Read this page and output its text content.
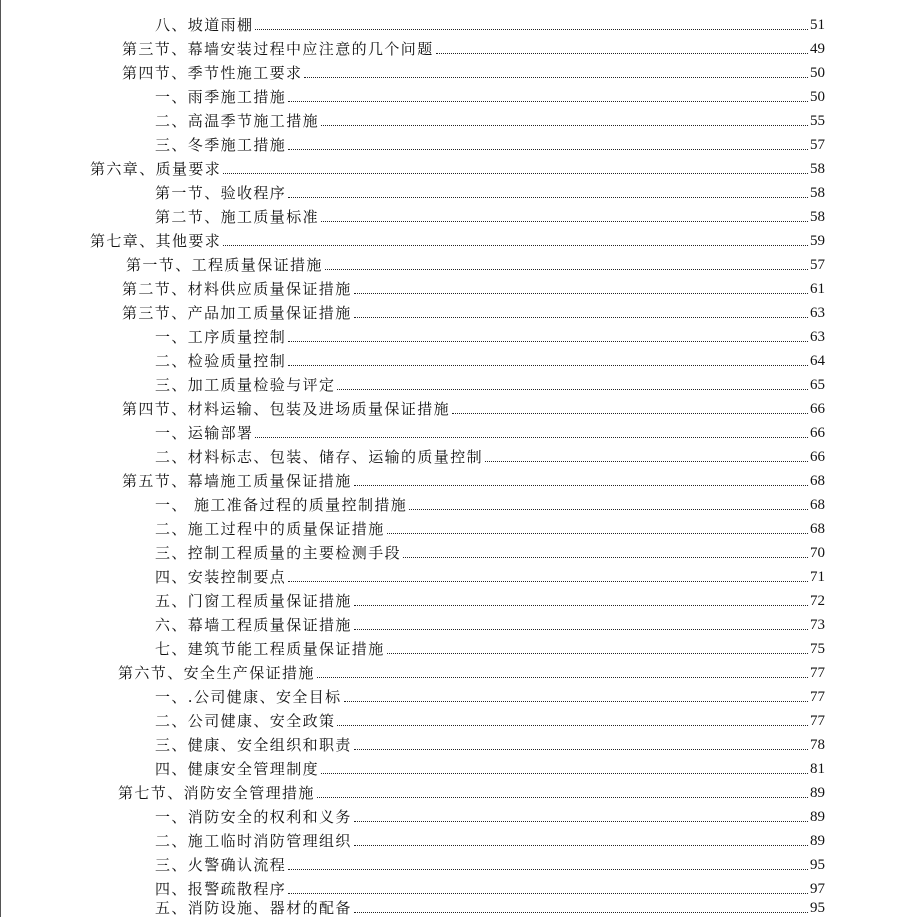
八、坡道雨棚	51
第三节、幕墙安装过程中应注意的几个问题	49
第四节、季节性施工要求	50
一、雨季施工措施	50
二、高温季节施工措施	55
三、冬季施工措施	57
第六章、质量要求	58
第一节、验收程序	58
第二节、施工质量标准	58
第七章、其他要求	59
第一节、工程质量保证措施	57
第二节、材料供应质量保证措施	61
第三节、产品加工质量保证措施	63
一、工序质量控制	63
二、检验质量控制	64
三、加工质量检验与评定	65
第四节、材料运输、包装及进场质量保证措施	66
一、运输部署	66
二、材料标志、包装、储存、运输的质量控制	66
第五节、幕墙施工质量保证措施	68
一、 施工准备过程的质量控制措施	68
二、施工过程中的质量保证措施	68
三、控制工程质量的主要检测手段	70
四、安装控制要点	71
五、门窗工程质量保证措施	72
六、幕墙工程质量保证措施	73
七、建筑节能工程质量保证措施	75
第六节、安全生产保证措施	77
一、.公司健康、安全目标	77
二、公司健康、安全政策	77
三、健康、安全组织和职责	78
四、健康安全管理制度	81
第七节、消防安全管理措施	89
一、消防安全的权利和义务	89
二、施工临时消防管理组织	89
三、火警确认流程	95
四、报警疏散程序	97
五、消防设施、器材的配备	95
